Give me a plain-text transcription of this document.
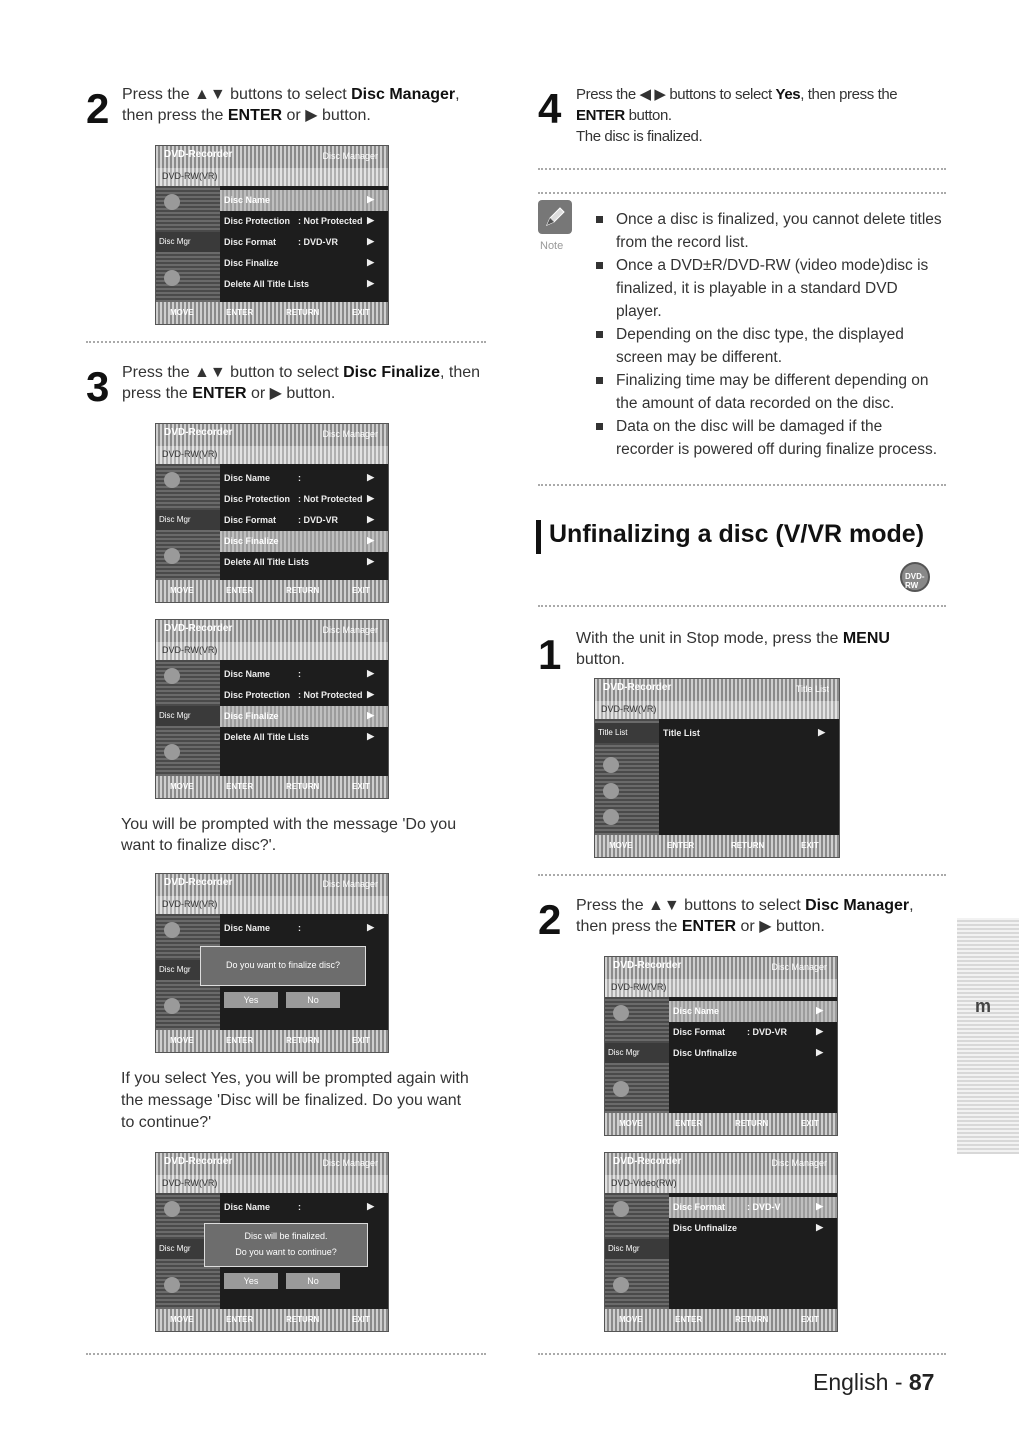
2 Press the ▲▼ buttons to select Disc Manager,
then press the ENTER or ▶ button.
DVD-Recorder	Disc Manager
DVD-RW(VR)
Disc Mgr
Disc Name	▶
Disc Protection : Not Protected ▶
Disc Format : DVD-VR	▶
Disc Finalize	▶
Delete All Title Lists	▶
MOVE	ENTER	RETURN	EXIT
3 Press the ▲▼ button to select Disc Finalize, then
press the ENTER or ▶ button.
DVD-Recorder	Disc Manager
DVD-RW(VR)
Disc Mgr
Disc Name	:	▶
Disc Protection : Not Protected ▶
Disc Format : DVD-VR	▶
Disc Finalize	▶
Delete All Title Lists	▶
MOVE	ENTER	RETURN	EXIT
DVD-Recorder	Disc Manager
DVD-RW(VR)
Disc Mgr
Disc Name	:	▶
Disc Protection : Not Protected ▶
Disc Finalize	▶
Delete All Title Lists	▶
MOVE	ENTER	RETURN	EXIT
You will be prompted with the message 'Do you
want to finalize disc?'.
DVD-Recorder	Disc Manager
DVD-RW(VR)
Disc Mgr
Disc Name	:	▶
Do you want to finalize disc?
Yes	No
MOVE	ENTER	RETURN	EXIT
If you select Yes, you will be prompted again with
the message 'Disc will be finalized. Do you want
to continue?'
DVD-Recorder	Disc Manager
DVD-RW(VR)
Disc Mgr
Disc Name	:	▶
Disc will be finalized.
Do you want to continue?
Yes	No
MOVE	ENTER	RETURN	EXIT
4 Press the ◀ ▶ buttons to select Yes, then press the
ENTER button.
The disc is finalized.
Note
Once a disc is finalized, you cannot delete titles from the record list.
Once a DVD±R/DVD-RW (video mode)disc is finalized, it is playable in a standard DVD player.
Depending on the disc type, the displayed screen may be different.
Finalizing time may be different depending on the amount of data recorded on the disc.
Data on the disc will be damaged if the recorder is powered off during finalize process.
Unfinalizing a disc (V/VR mode)
DVD-RW
1 With the unit in Stop mode, press the MENU
button.
DVD-Recorder	Title List
DVD-RW(VR)
Title List	Title List	▶
MOVE	ENTER	RETURN	EXIT
2 Press the ▲▼ buttons to select Disc Manager,
then press the ENTER or ▶ button.
DVD-Recorder	Disc Manager
DVD-RW(VR)
Disc Mgr
Disc Name	▶
Disc Format : DVD-VR	▶
Disc Unfinalize	▶
MOVE	ENTER	RETURN	EXIT
DVD-Recorder	Disc Manager
DVD-Video(RW)
Disc Mgr
Disc Format : DVD-V	▶
Disc Unfinalize	▶
MOVE	ENTER	RETURN	EXIT
m
English - 87
